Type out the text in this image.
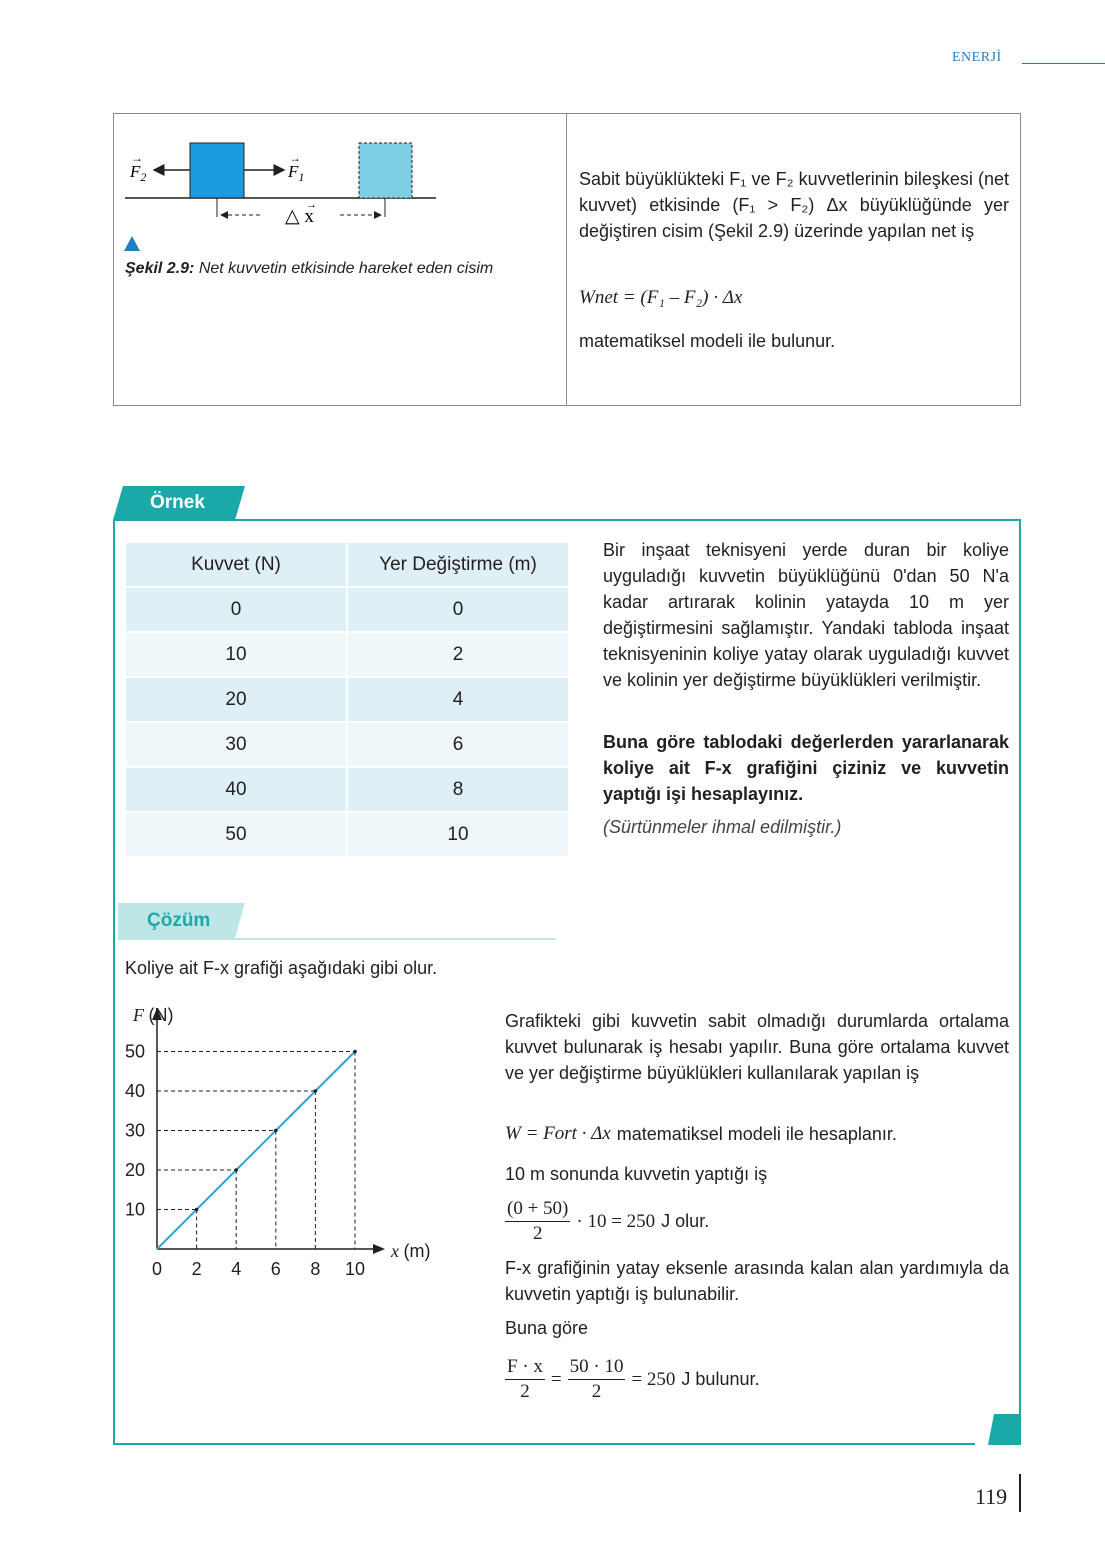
ENERJİ
$F_2$
→
$F_1$
→
△ x
→
Şekil 2.9: Net kuvvetin etkisinde hareket eden cisim
Sabit büyüklükteki F₁ ve F₂ kuvvetlerinin bileşkesi (net kuvvet) etkisinde (F₁ > F₂) Δx büyüklüğünde yer değiştiren cisim (Şekil 2.9) üzerinde yapılan net iş
Wnet = (F₁ – F₂) · Δx
matematiksel modeli ile bulunur.
Örnek
Kuvvet (N)	Yer Değiştirme (m)
0	0
10	2
20	4
30	6
40	8
50	10
Bir inşaat teknisyeni yerde duran bir koliye uyguladığı kuvvetin büyüklüğünü 0'dan 50 N'a kadar artırarak kolinin yatayda 10 m yer değiştirmesini sağlamıştır. Yandaki tabloda inşaat teknisyeninin koliye yatay olarak uyguladığı kuvvet ve kolinin yer değiştirme büyüklükleri verilmiştir.
Buna göre tablodaki değerlerden yararlanarak koliye ait F-x grafiğini çiziniz ve kuvvetin yaptığı işi hesaplayınız.
(Sürtünmeler ihmal edilmiştir.)
Çözüm
Koliye ait F-x grafiği aşağıdaki gibi olur.
10
20
30
40
50
0 2 4 6 8 10
F (N)
x (m)
Grafikteki gibi kuvvetin sabit olmadığı durumlarda ortalama kuvvet bulunarak iş hesabı yapılır. Buna göre ortalama kuvvet ve yer değiştirme büyüklükleri kullanılarak yapılan iş
W = Fort · Δx matematiksel modeli ile hesaplanır.
10 m sonunda kuvvetin yaptığı iş
$\frac{(0 + 50)}{2} \cdot 10 = 250$ J olur.
F-x grafiğinin yatay eksenle arasında kalan alan yardımıyla da kuvvetin yaptığı iş bulunabilir.
Buna göre
$\frac{F \cdot x}{2} = \frac{50 \cdot 10}{2} = 250$ J bulunur.
119
